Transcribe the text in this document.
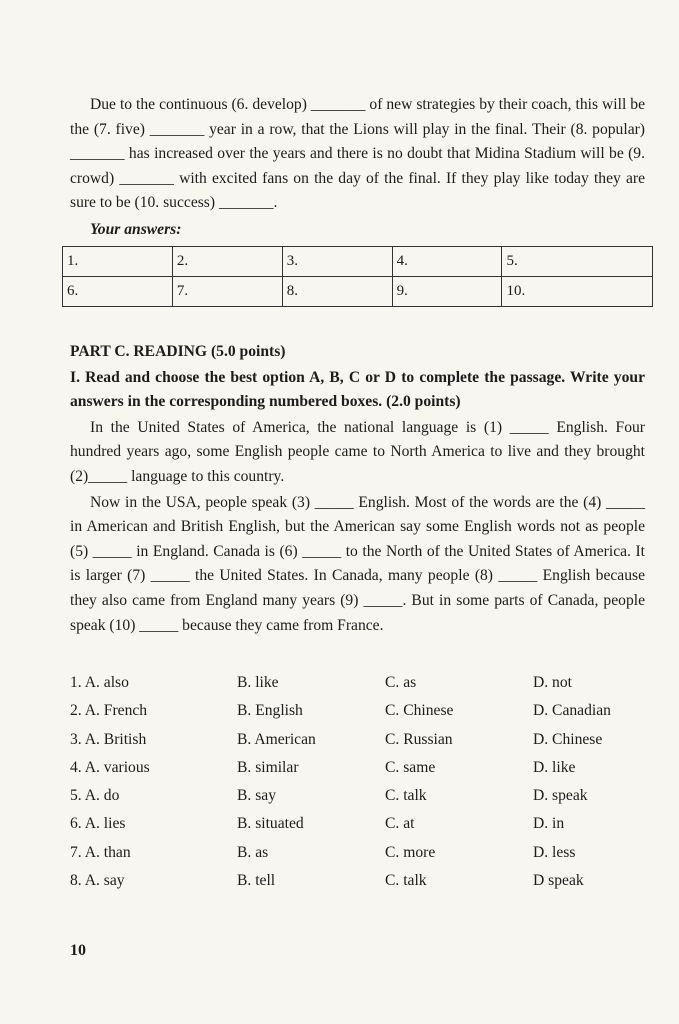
Due to the continuous (6. develop) _______ of new strategies by their coach, this will be the (7. five) _______ year in a row, that the Lions will play in the final. Their (8. popular) _______ has increased over the years and there is no doubt that Midina Stadium will be (9. crowd) _______ with excited fans on the day of the final. If they play like today they are sure to be (10. success) _______.

Your answers:
1.	2.	3.	4.	5.
6.	7.	8.	9.	10.

PART C. READING (5.0 points)

I. Read and choose the best option A, B, C or D to complete the passage. Write your answers in the corresponding numbered boxes. (2.0 points)

In the United States of America, the national language is (1) _____ English. Four hundred years ago, some English people came to North America to live and they brought (2)_____ language to this country.

Now in the USA, people speak (3) _____ English. Most of the words are the (4) _____ in American and British English, but the American say some English words not as people (5) _____ in England. Canada is (6) _____ to the North of the United States of America. It is larger (7) _____ the United States. In Canada, many people (8) _____ English because they also came from England many years (9) _____. But in some parts of Canada, people speak (10) _____ because they came from France.

1. A. also	B. like	C. as	D. not
2. A. French	B. English	C. Chinese	D. Canadian
3. A. British	B. American	C. Russian	D. Chinese
4. A. various	B. similar	C. same	D. like
5. A. do	B. say	C. talk	D. speak
6. A. lies	B. situated	C. at	D. in
7. A. than	B. as	C. more	D. less
8. A. say	B. tell	C. talk	D speak
10
